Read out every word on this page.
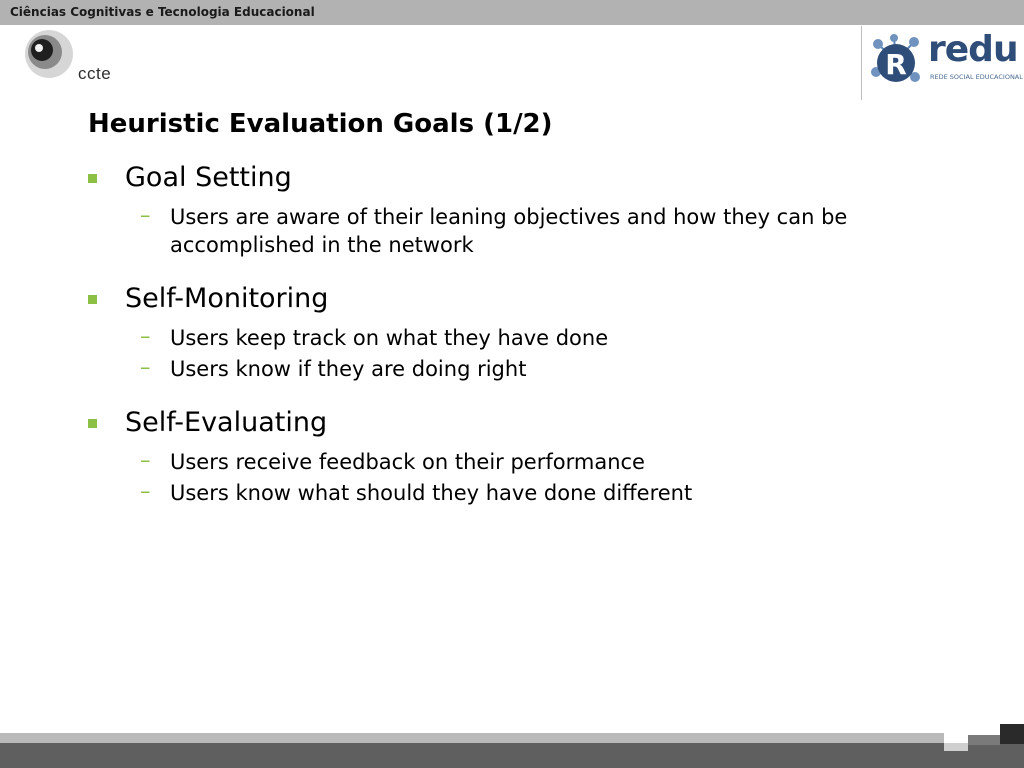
Ciências Cognitivas e Tecnologia Educacional
ccte	R redu
REDE SOCIAL EDUCACIONAL
Heuristic Evaluation Goals (1/2)
Goal Setting
– Users are aware of their leaning objectives and how they can be accomplished in the network
Self-Monitoring
– Users keep track on what they have done
– Users know if they are doing right
Self-Evaluating
– Users receive feedback on their performance
– Users know what should they have done different
